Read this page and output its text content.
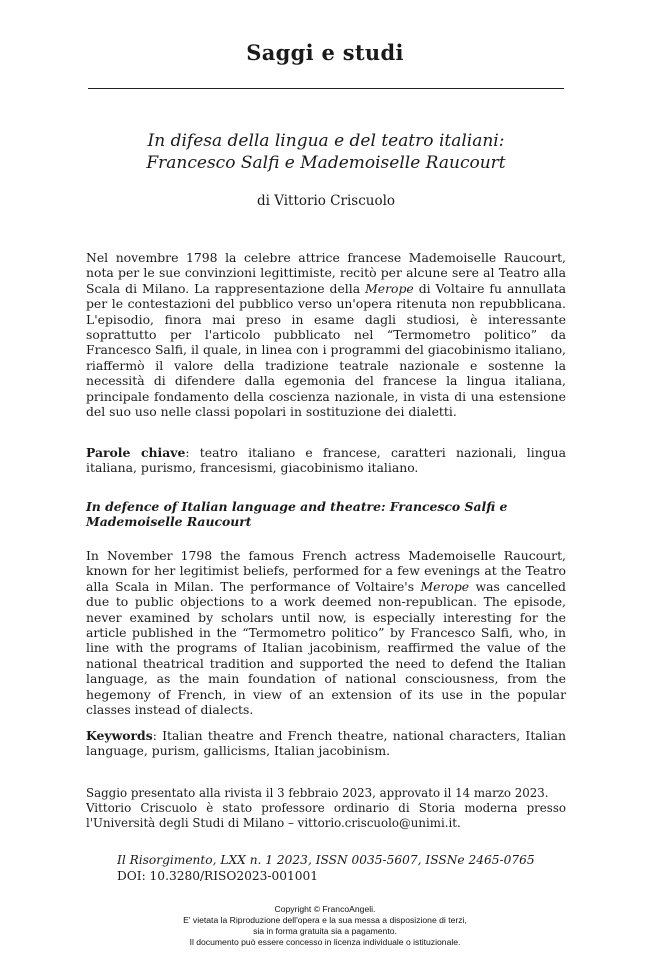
Saggi e studi
In difesa della lingua e del teatro italiani:
Francesco Salfi e Mademoiselle Raucourt
di Vittorio Criscuolo
Nel novembre 1798 la celebre attrice francese Mademoiselle Raucourt, nota per le sue convinzioni legittimiste, recitò per alcune sere al Teatro alla Scala di Milano. La rappresentazione della Merope di Voltaire fu annullata per le contestazioni del pubblico verso un'opera ritenuta non repubblicana. L'episodio, finora mai preso in esame dagli studiosi, è interessante soprattutto per l'articolo pubblicato nel “Termometro politico” da Francesco Salfi, il quale, in linea con i programmi del giacobinismo italiano, riaffermò il valore della tradizione teatrale nazionale e sostenne la necessità di difendere dalla egemonia del francese la lingua italiana, principale fondamento della coscienza nazionale, in vista di una estensione del suo uso nelle classi popolari in sostituzione dei dialetti.
Parole chiave: teatro italiano e francese, caratteri nazionali, lingua italiana, purismo, francesismi, giacobinismo italiano.
In defence of Italian language and theatre: Francesco Salfi e Mademoiselle Raucourt
In November 1798 the famous French actress Mademoiselle Raucourt, known for her legitimist beliefs, performed for a few evenings at the Teatro alla Scala in Milan. The performance of Voltaire's Merope was cancelled due to public objections to a work deemed non-republican. The episode, never examined by scholars until now, is especially interesting for the article published in the “Termometro politico” by Francesco Salfi, who, in line with the programs of Italian jacobinism, reaffirmed the value of the national theatrical tradition and supported the need to defend the Italian language, as the main foundation of national consciousness, from the hegemony of French, in view of an extension of its use in the popular classes instead of dialects.
Keywords: Italian theatre and French theatre, national characters, Italian language, purism, gallicisms, Italian jacobinism.
Saggio presentato alla rivista il 3 febbraio 2023, approvato il 14 marzo 2023.
Vittorio Criscuolo è stato professore ordinario di Storia moderna presso l'Università degli Studi di Milano – vittorio.criscuolo@unimi.it.
Il Risorgimento, LXX n. 1 2023, ISSN 0035-5607, ISSNe 2465-0765
DOI: 10.3280/RISO2023-001001
Copyright © FrancoAngeli.
E' vietata la Riproduzione dell'opera e la sua messa a disposizione di terzi,
sia in forma gratuita sia a pagamento.
Il documento può essere concesso in licenza individuale o istituzionale.
